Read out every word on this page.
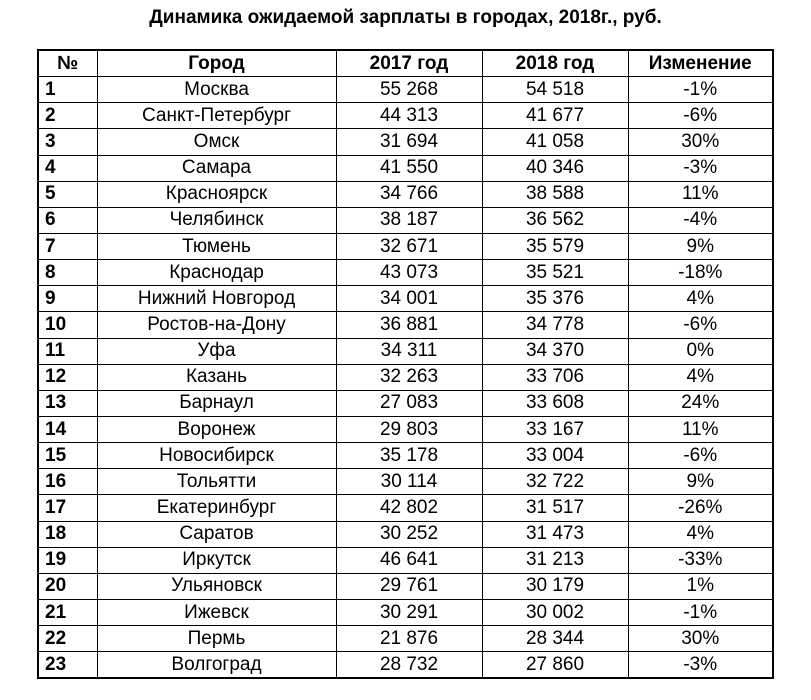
Динамика ожидаемой зарплаты в городах, 2018г., руб.
№	Город	2017 год	2018 год	Изменение
1	Москва	55 268	54 518	-1%
2	Санкт-Петербург	44 313	41 677	-6%
3	Омск	31 694	41 058	30%
4	Самара	41 550	40 346	-3%
5	Красноярск	34 766	38 588	11%
6	Челябинск	38 187	36 562	-4%
7	Тюмень	32 671	35 579	9%
8	Краснодар	43 073	35 521	-18%
9	Нижний Новгород	34 001	35 376	4%
10	Ростов-на-Дону	36 881	34 778	-6%
11	Уфа	34 311	34 370	0%
12	Казань	32 263	33 706	4%
13	Барнаул	27 083	33 608	24%
14	Воронеж	29 803	33 167	11%
15	Новосибирск	35 178	33 004	-6%
16	Тольятти	30 114	32 722	9%
17	Екатеринбург	42 802	31 517	-26%
18	Саратов	30 252	31 473	4%
19	Иркутск	46 641	31 213	-33%
20	Ульяновск	29 761	30 179	1%
21	Ижевск	30 291	30 002	-1%
22	Пермь	21 876	28 344	30%
23	Волгоград	28 732	27 860	-3%
